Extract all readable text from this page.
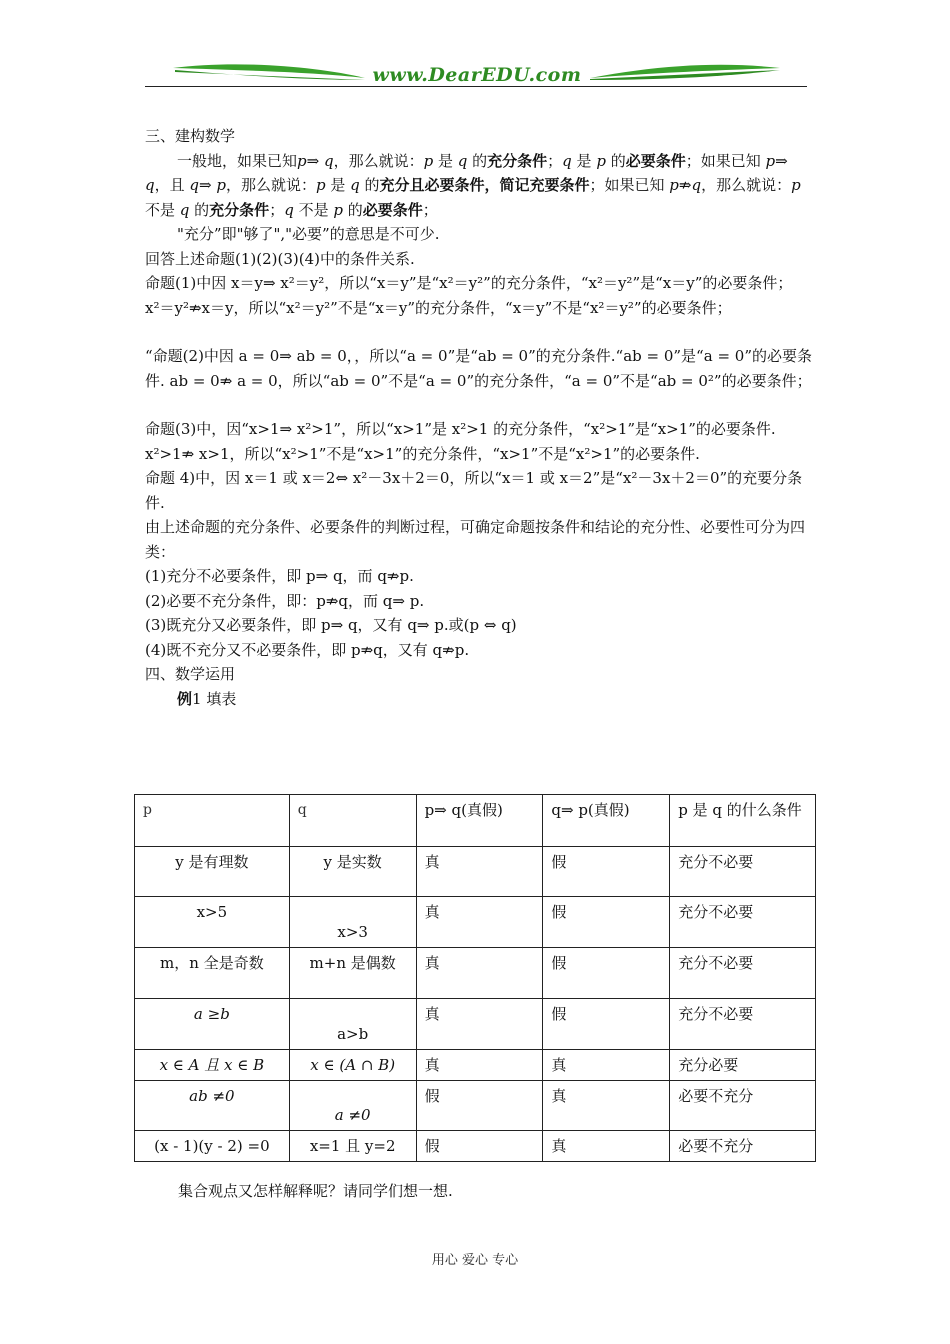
www.DearEDU.com

三、建构数学

一般地，如果已知p⇒ q，那么就说：p 是 q 的充分条件；q 是 p 的必要条件；如果已知 p⇒ q，且 q⇒ p，那么就说：p 是 q 的充分且必要条件，简记充要条件；如果已知 p⇏q，那么就说：p 不是 q 的充分条件；q 不是 p 的必要条件；

"充分”即"够了","必要”的意思是不可少.

回答上述命题(1)(2)(3)(4)中的条件关系.

命题(1)中因 x＝y⇒ x²＝y²，所以“x＝y”是“x²＝y²”的充分条件，“x²＝y²”是“x＝y”的必要条件；

x²＝y²⇏x＝y，所以“x²＝y²”不是“x＝y”的充分条件，“x＝y”不是“x²＝y²”的必要条件；

“命题(2)中因 a = 0⇒ ab = 0，，所以“a = 0”是“ab = 0”的充分条件.“ab = 0”是“a = 0”的必要条件. ab = 0⇏ a = 0，所以“ab = 0”不是“a = 0”的充分条件，“a = 0”不是“ab = 0²”的必要条件；

命题(3)中，因“x>1⇒ x²>1”，所以“x>1”是 x²>1 的充分条件，“x²>1”是“x>1”的必要条件. x²>1⇏ x>1，所以“x²>1”不是“x>1”的充分条件，“x>1”不是“x²>1”的必要条件.

命题 4)中，因 x＝1 或 x＝2⇔ x²－3x＋2＝0，所以“x＝1 或 x＝2”是“x²－3x＋2＝0”的充要分条件.

由上述命题的充分条件、必要条件的判断过程，可确定命题按条件和结论的充分性、必要性可分为四类：

(1)充分不必要条件，即 p⇒ q，而 q⇏p.

(2)必要不充分条件，即：p⇏q，而 q⇒ p.

(3)既充分又必要条件，即 p⇒ q，又有 q⇒ p.或(p ⇔ q)

(4)既不充分又不必要条件，即 p⇏q，又有 q⇏p.

四、数学运用

例1 填表

p	q	p⇒ q(真假)	q⇒ p(真假)	p 是 q 的什么条件
y 是有理数	y 是实数	真	假	充分不必要
x>5	x>3	真	假	充分不必要
m，n 全是奇数	m+n 是偶数	真	假	充分不必要
a ≥b	a>b	真	假	充分不必要
x ∈ A 且 x ∈ B	x ∈ (A ∩ B)	真	真	充分必要
ab ≠0	a ≠0	假	真	必要不充分
(x - 1)(y - 2) =0	x=1 且 y=2	假	真	必要不充分
集合观点又怎样解释呢？请同学们想一想.
用心 爱心 专心
